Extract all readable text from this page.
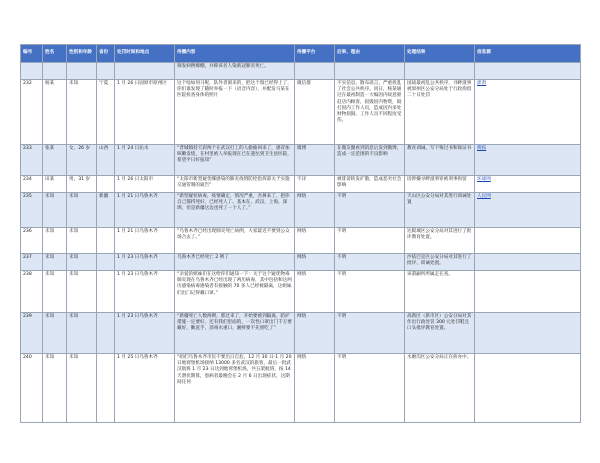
编号	姓名	性别和年龄	省份	处罚时间和地点	传播内容	传播平台	后果、理由	处理结果	信息源
					频发病例爆棚，并称该名人染新冠肺炎死亡。				
232	杨某	未知	宁夏	1 月 26 日固原市原州区	这个啥如何马呢，队外者洞来的，把这个瑞已经得上了，你们谁发现了随时举报一下（语音内容），并配发马某在医院检查身体的照片	微信群	不实信息，散布谣言，严重扰乱了社会公共秩序。同日，杨某通过在最初制造一大编因内故意驱赶店内顾客，损毁因内物资，殴打因内工作人员，造成因内多处财物损毁、工作人员不同程度受伤。	国战最初乱公共秩序，寻衅滋事被原州区公安分局处于行政拘留二十日处罚	澎湃
233	张某	女，26 岁	山西	1 月 24 日沁水	“晋城镇持天彩两个在武汉打工的人偷偷回来了，感冒加咳嗽发烧，在村里被人举报现在已在遗往到卫生县医院，希望平日好报知”	微博	在微友圈看到消息后发到微博，造成一定范围的不良影响	教育训诫，写下悔过书和保证书	搜狐
234	田某	男，31 岁		1 月 26 日太阳市	“太阳市新型疑优哪感染的肺炎疫情防控指挥部关于实施交通管制的通告”	不详	被诽谤转发扩散，造成恶劣社会影响	因涉嫌寻衅滋事罪被刑事拘留	环球网
235	未知	未知	新疆	1 月 21 日乌鲁木齐	“新型疑状病毒，疫情确定，情况严重，吾鼻来了，把你自己都捋死好，已经死人了。基本在，武汉，上海，深圳，但是新疆这边也死了一个人了。”	网络	不明	天山区公安分局对其进行训诫处置	人民网
236	未知	未知		1 月 21 日乌鲁木齐	“乌鲁木齐已经出现肺炎死亡病例，大家最近不要到公众场合去了。”	网络	不明	达阪城区公安分局对其进行了批评教育处置。	
237	未知	未知		1 月 23 日乌鲁木齐	乌鲁木齐已经死亡 2 例了	网络	不明	沙依巴克区公安分局对其进行了批评、训诫处置。	
238	未知	未知		1 月 23 日乌鲁木齐	“亲爱的姐妹们在这给你们通知一下：关于这个疑优物毒肺炎现在乌鲁木齐已经出现了两历病毒，其中包括和这两历感染病毒感染者有接触的 70 多人已经被隔离，这姐妹们出门记得戴口罩。”	网络	不明	该莆嗣所所属走在查。	
239	未知	未知		1 月 23 日乌鲁木齐	“新疆死亡人数两例，那过来了，开始要被到隔离，防护措施一定要好，还有我们里面的，一次性口罩出门千万要戴好，勤洗手，消毒水重口，湘鲜要不先别吃了”	网络	不明	高新区（新市区）公安分局对其作出行政处罚 300 元处罚鞋且口头批评教育处置。	
240	未知	未知		1 月 25 日乌鲁木齐	“咱们乌鲁木齐市民不要出日自危，12 月 30 日-1 月 20 日地窝堡机场接纳 13000 多名武汉的旅客，最后一批武汉航班 1 月 23 日达到地窝堡机场，共五架航班，按 14 天潜伏期算，患病者最晚会在 2 月 6 日出现症状，这期间任何	网络	不明	水磨沟区公安分局正在侦办中。	
